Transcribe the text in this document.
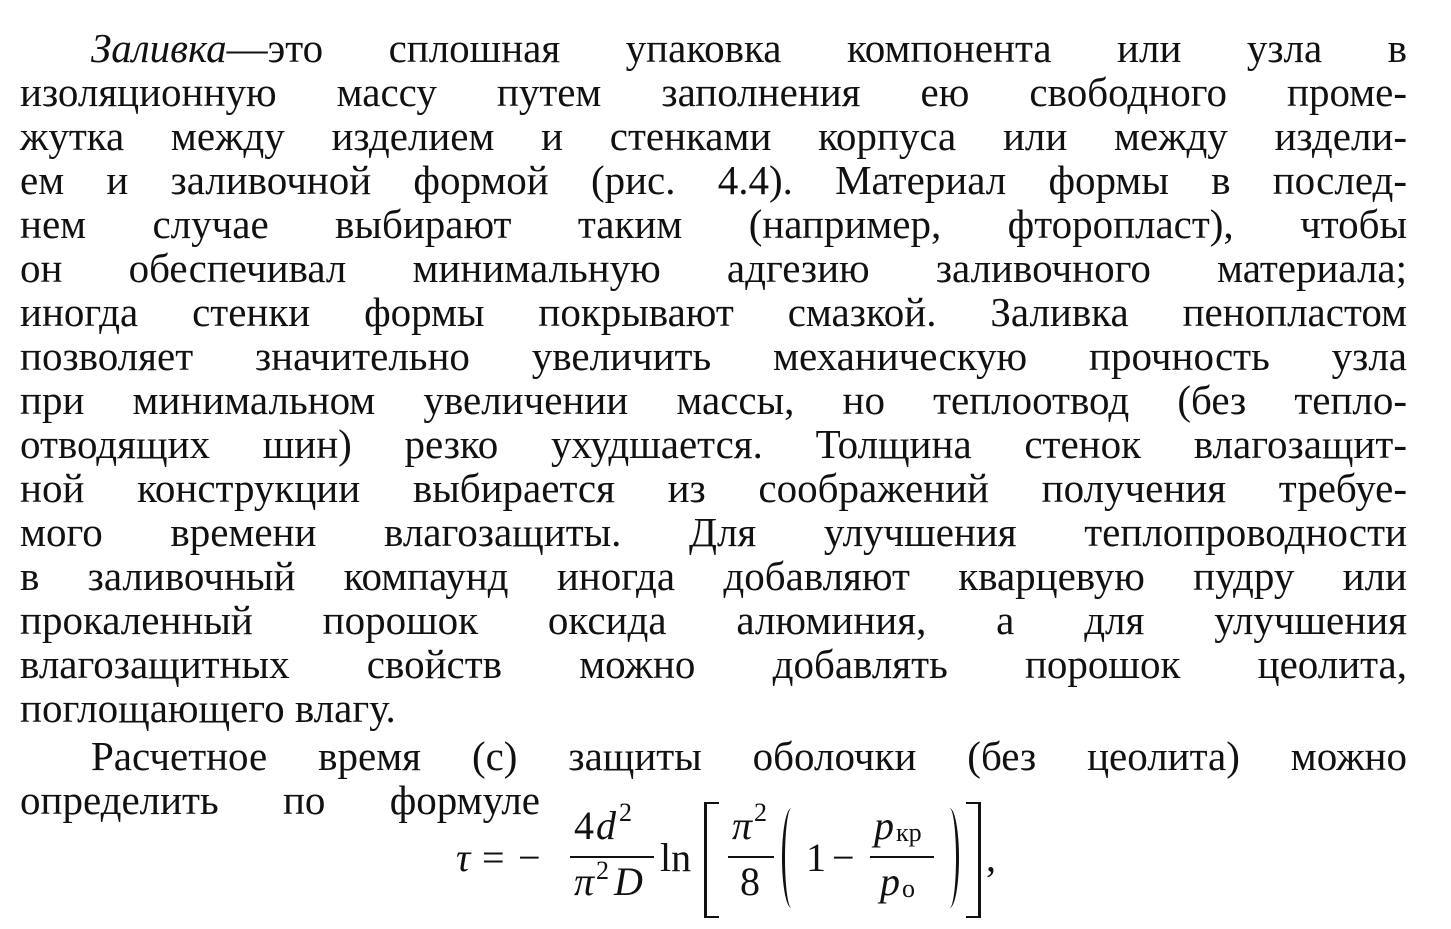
Заливка—это сплошная упаковка компонента или узла в
изоляционную массу путем заполнения ею свободного проме-
жутка между изделием и стенками корпуса или между издели-
ем и заливочной формой (рис. 4.4). Материал формы в послед-
нем случае выбирают таким (например, фторопласт), чтобы
он обеспечивал минимальную адгезию заливочного материала;
иногда стенки формы покрывают смазкой. Заливка пенопластом
позволяет значительно увеличить механическую прочность узла
при минимальном увеличении массы, но теплоотвод (без тепло-
отводящих шин) резко ухудшается. Толщина стенок влагозащит-
ной конструкции выбирается из соображений получения требуе-
мого времени влагозащиты. Для улучшения теплопроводности
в заливочный компаунд иногда добавляют кварцевую пудру или
прокаленный порошок оксида алюминия, а для улучшения
влагозащитных свойств можно добавлять порошок цеолита,
поглощающего влагу.
Расчетное время (с) защиты оболочки (без цеолита) можно
определить по формуле
τ = −
4 d 2
π 2 D
ln
π 2
8
1 −
p кр
p o
,
